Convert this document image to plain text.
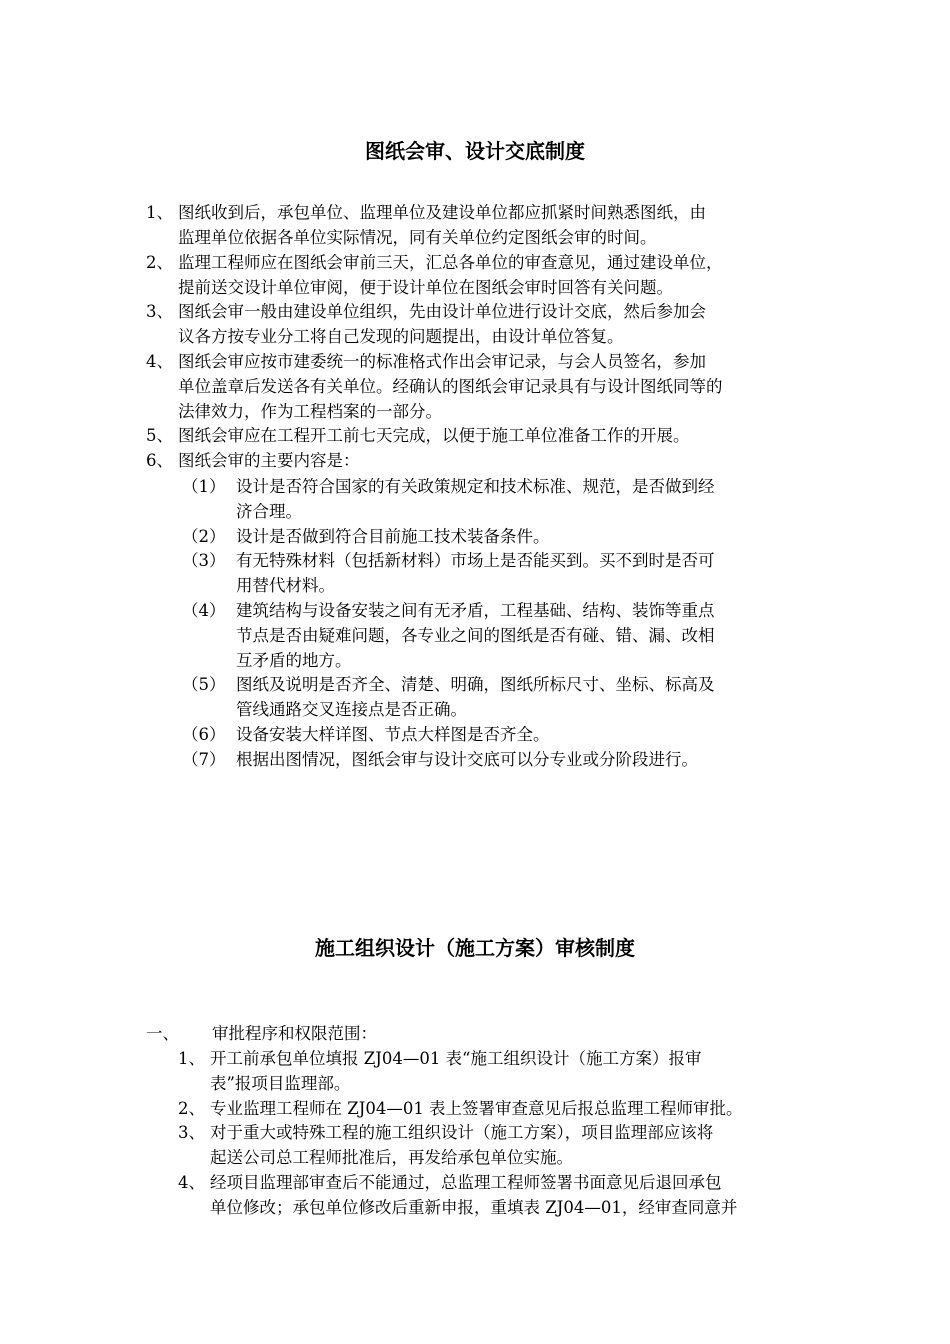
图纸会审、设计交底制度
1、 图纸收到后，承包单位、监理单位及建设单位都应抓紧时间熟悉图纸，由
监理单位依据各单位实际情况，同有关单位约定图纸会审的时间。
2、 监理工程师应在图纸会审前三天，汇总各单位的审查意见，通过建设单位，
提前送交设计单位审阅，便于设计单位在图纸会审时回答有关问题。
3、 图纸会审一般由建设单位组织，先由设计单位进行设计交底，然后参加会
议各方按专业分工将自己发现的问题提出，由设计单位答复。
4、 图纸会审应按市建委统一的标准格式作出会审记录，与会人员签名，参加
单位盖章后发送各有关单位。经确认的图纸会审记录具有与设计图纸同等的
法律效力，作为工程档案的一部分。
5、 图纸会审应在工程开工前七天完成，以便于施工单位准备工作的开展。
6、 图纸会审的主要内容是：
（1） 设计是否符合国家的有关政策规定和技术标准、规范，是否做到经
济合理。
（2） 设计是否做到符合目前施工技术装备条件。
（3） 有无特殊材料（包括新材料）市场上是否能买到。买不到时是否可
用替代材料。
（4） 建筑结构与设备安装之间有无矛盾，工程基础、结构、装饰等重点
节点是否由疑难问题，各专业之间的图纸是否有碰、错、漏、改相
互矛盾的地方。
（5） 图纸及说明是否齐全、清楚、明确，图纸所标尺寸、坐标、标高及
管线通路交叉连接点是否正确。
（6） 设备安装大样详图、节点大样图是否齐全。
（7） 根据出图情况，图纸会审与设计交底可以分专业或分阶段进行。
施工组织设计（施工方案）审核制度
一、 审批程序和权限范围：
1、 开工前承包单位填报 ZJ04—01 表“施工组织设计（施工方案）报审
表”报项目监理部。
2、 专业监理工程师在 ZJ04—01 表上签署审查意见后报总监理工程师审批。
3、 对于重大或特殊工程的施工组织设计（施工方案），项目监理部应该将
起送公司总工程师批准后，再发给承包单位实施。
4、 经项目监理部审查后不能通过，总监理工程师签署书面意见后退回承包
单位修改；承包单位修改后重新申报，重填表 ZJ04—01，经审查同意并
